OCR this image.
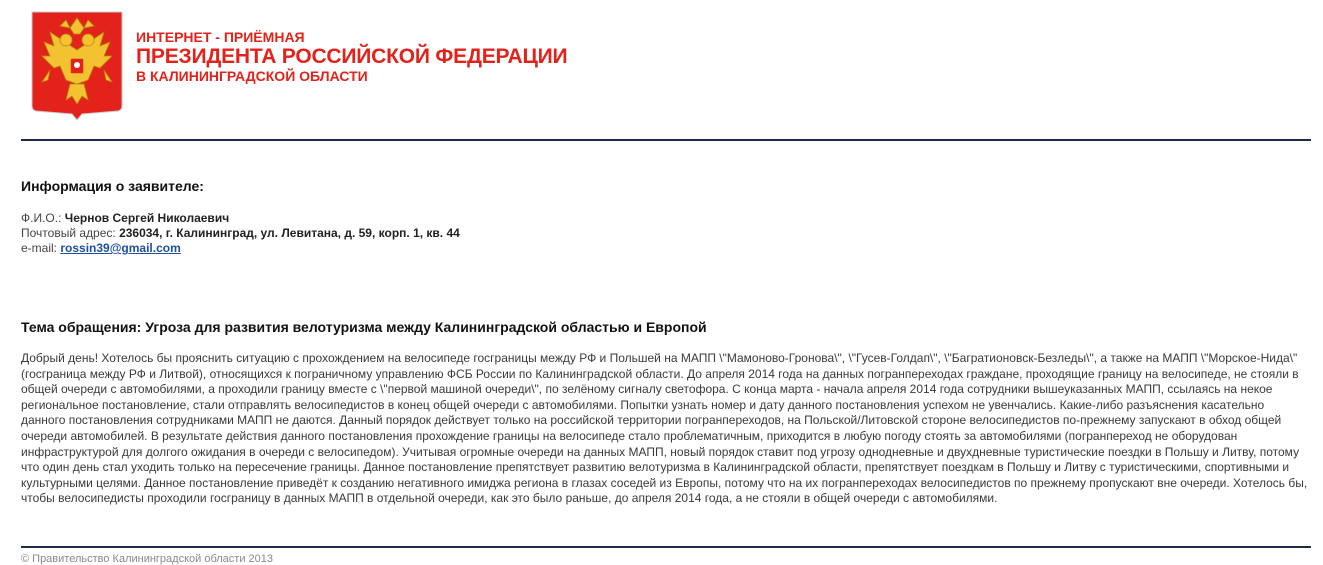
ИНТЕРНЕТ - ПРИЁМНАЯ
ПРЕЗИДЕНТА РОССИЙСКОЙ ФЕДЕРАЦИИ
В КАЛИНИНГРАДСКОЙ ОБЛАСТИ
Информация о заявителе:
Ф.И.О.: Чернов Сергей Николаевич
Почтовый адрес: 236034, г. Калининград, ул. Левитана, д. 59, корп. 1, кв. 44
e-mail: rossin39@gmail.com
Тема обращения: Угроза для развития велотуризма между Калининградской областью и Европой

Добрый день! Хотелось бы прояснить ситуацию с прохождением на велосипеде госграницы между РФ и Польшей на МАПП \"Мамоново-Гронова\", \"Гусев-Голдап\", \"Багратионовск-Безледы\", а также на МАПП \"Морское-Нида\" (госграница между РФ и Литвой), относящихся к пограничному управлению ФСБ России по Калининградской области. До апреля 2014 года на данных погранпереходах граждане, проходящие границу на велосипеде, не стояли в общей очереди с автомобилями, а проходили границу вместе с \"первой машиной очереди\", по зелёному сигналу светофора. С конца марта - начала апреля 2014 года сотрудники вышеуказанных МАПП, ссылаясь на некое региональное постановление, стали отправлять велосипедистов в конец общей очереди с автомобилями. Попытки узнать номер и дату данного постановления успехом не увенчались. Какие-либо разъяснения касательно данного постановления сотрудниками МАПП не даются. Данный порядок действует только на российской территории погранпереходов, на Польской/Литовской стороне велосипедистов по-прежнему запускают в обход общей очереди автомобилей. В результате действия данного постановления прохождение границы на велосипеде стало проблематичным, приходится в любую погоду стоять за автомобилями (погранпереход не оборудован инфраструктурой для долгого ожидания в очереди с велосипедом). Учитывая огромные очереди на данных МАПП, новый порядок ставит под угрозу однодневные и двухдневные туристические поездки в Польшу и Литву, потому что один день стал уходить только на пересечение границы. Данное постановление препятствует развитию велотуризма в Калининградской области, препятствует поездкам в Польшу и Литву с туристическими, спортивными и культурными целями. Данное постановление приведёт к созданию негативного имиджа региона в глазах соседей из Европы, потому что на их погранпереходах велосипедистов по прежнему пропускают вне очереди. Хотелось бы, чтобы велосипедисты проходили госграницу в данных МАПП в отдельной очереди, как это было раньше, до апреля 2014 года, а не стояли в общей очереди с автомобилями.

© Правительство Калининградской области 2013
